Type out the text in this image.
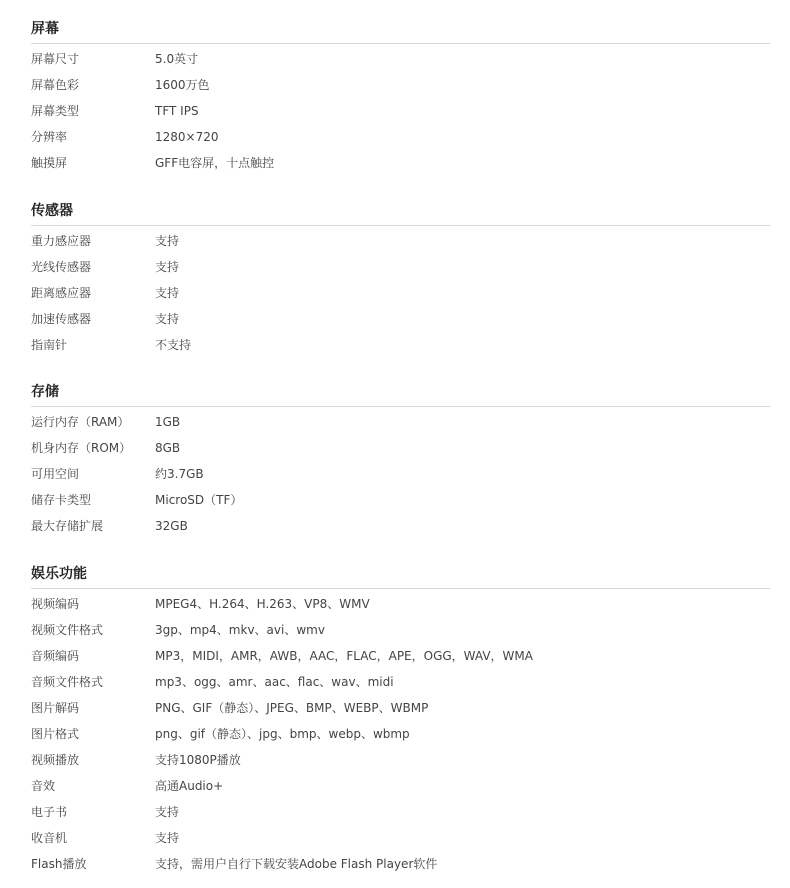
屏幕
屏幕尺寸	5.0英寸
屏幕色彩	1600万色
屏幕类型	TFT IPS
分辨率	1280×720
触摸屏	GFF电容屏，十点触控
传感器
重力感应器	支持
光线传感器	支持
距离感应器	支持
加速传感器	支持
指南针	不支持
存储
运行内存（RAM）	1GB
机身内存（ROM）	8GB
可用空间	约3.7GB
储存卡类型	MicroSD（TF）
最大存储扩展	32GB
娱乐功能
视频编码	MPEG4、H.264、H.263、VP8、WMV
视频文件格式	3gp、mp4、mkv、avi、wmv
音频编码	MP3，MIDI，AMR，AWB，AAC，FLAC，APE，OGG，WAV，WMA
音频文件格式	mp3、ogg、amr、aac、flac、wav、midi
图片解码	PNG、GIF（静态）、JPEG、BMP、WEBP、WBMP
图片格式	png、gif（静态）、jpg、bmp、webp、wbmp
视频播放	支持1080P播放
音效	高通Audio+
电子书	支持
收音机	支持
Flash播放	支持，需用户自行下载安装Adobe Flash Player软件
